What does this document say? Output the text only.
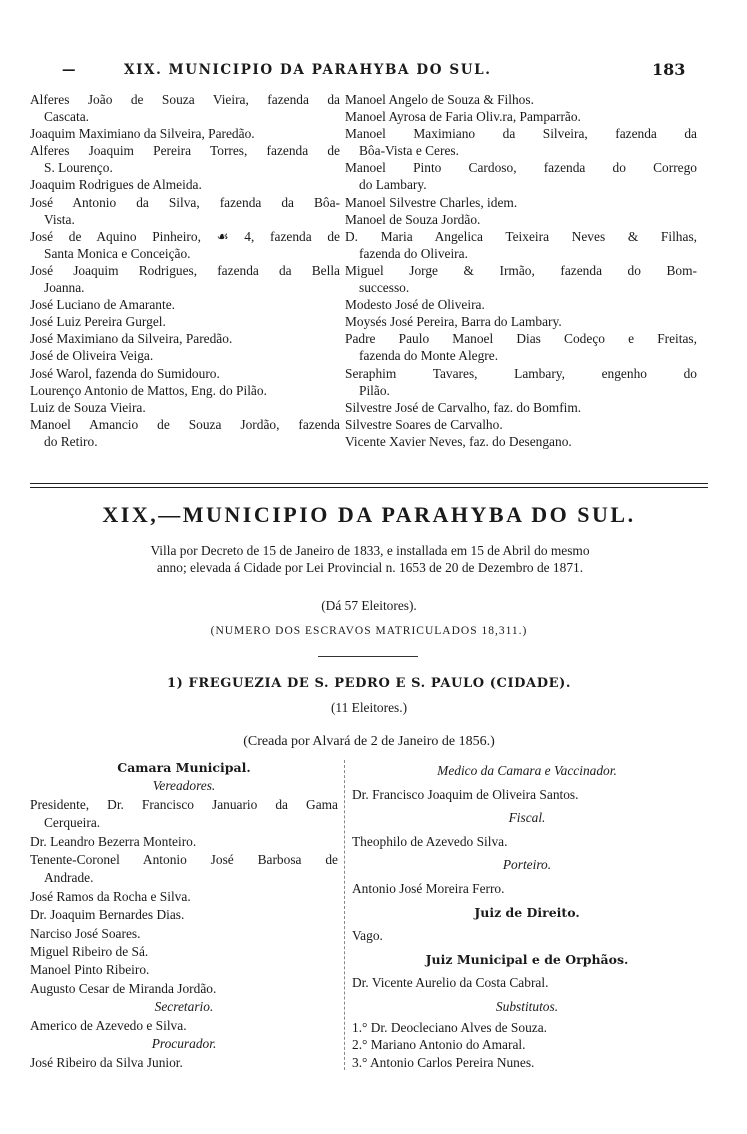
—	XIX. MUNICIPIO DA PARAHYBA DO SUL.	183
Alferes João de Souza Vieira, fazenda da
Cascata.
Joaquim Maximiano da Silveira, Paredão.
Alferes Joaquim Pereira Torres, fazenda de
S. Lourenço.
Joaquim Rodrigues de Almeida.
José Antonio da Silva, fazenda da Bôa-
Vista.
José de Aquino Pinheiro, ☙ 4, fazenda de
Santa Monica e Conceição.
José Joaquim Rodrigues, fazenda da Bella
Joanna.
José Luciano de Amarante.
José Luiz Pereira Gurgel.
José Maximiano da Silveira, Paredão.
José de Oliveira Veiga.
José Warol, fazenda do Sumidouro.
Lourenço Antonio de Mattos, Eng. do Pilão.
Luiz de Souza Vieira.
Manoel Amancio de Souza Jordão, fazenda
do Retiro.
Manoel Angelo de Souza & Filhos.
Manoel Ayrosa de Faria Oliv.ra, Pamparrão.
Manoel Maximiano da Silveira, fazenda da
Bôa-Vista e Ceres.
Manoel Pinto Cardoso, fazenda do Corrego
do Lambary.
Manoel Silvestre Charles, idem.
Manoel de Souza Jordão.
D. Maria Angelica Teixeira Neves & Filhas,
fazenda do Oliveira.
Miguel Jorge & Irmão, fazenda do Bom-
successo.
Modesto José de Oliveira.
Moysés José Pereira, Barra do Lambary.
Padre Paulo Manoel Dias Codeço e Freitas,
fazenda do Monte Alegre.
Seraphim Tavares, Lambary, engenho do
Pilão.
Silvestre José de Carvalho, faz. do Bomfim.
Silvestre Soares de Carvalho.
Vicente Xavier Neves, faz. do Desengano.
XIX,—MUNICIPIO DA PARAHYBA DO SUL.
Villa por Decreto de 15 de Janeiro de 1833, e installada em 15 de Abril do mesmo
anno; elevada á Cidade por Lei Provincial n. 1653 de 20 de Dezembro de 1871.
(Dá 57 Eleitores).
(NUMERO DOS ESCRAVOS MATRICULADOS 18,311.)
1) FREGUEZIA DE S. PEDRO E S. PAULO (CIDADE).
(11 Eleitores.)
(Creada por Alvará de 2 de Janeiro de 1856.)
Camara Municipal.
Vereadores.
Presidente, Dr. Francisco Januario da Gama
Cerqueira.
Dr. Leandro Bezerra Monteiro.
Tenente-Coronel Antonio José Barbosa de
Andrade.
José Ramos da Rocha e Silva.
Dr. Joaquim Bernardes Dias.
Narciso José Soares.
Miguel Ribeiro de Sá.
Manoel Pinto Ribeiro.
Augusto Cesar de Miranda Jordão.
Secretario.
Americo de Azevedo e Silva.
Procurador.
José Ribeiro da Silva Junior.
Medico da Camara e Vaccinador.
Dr. Francisco Joaquim de Oliveira Santos.
Fiscal.
Theophilo de Azevedo Silva.
Porteiro.
Antonio José Moreira Ferro.
Juiz de Direito.
Vago.
Juiz Municipal e de Orphãos.
Dr. Vicente Aurelio da Costa Cabral.
Substitutos.
1.° Dr. Deocleciano Alves de Souza.
2.° Mariano Antonio do Amaral.
3.° Antonio Carlos Pereira Nunes.
